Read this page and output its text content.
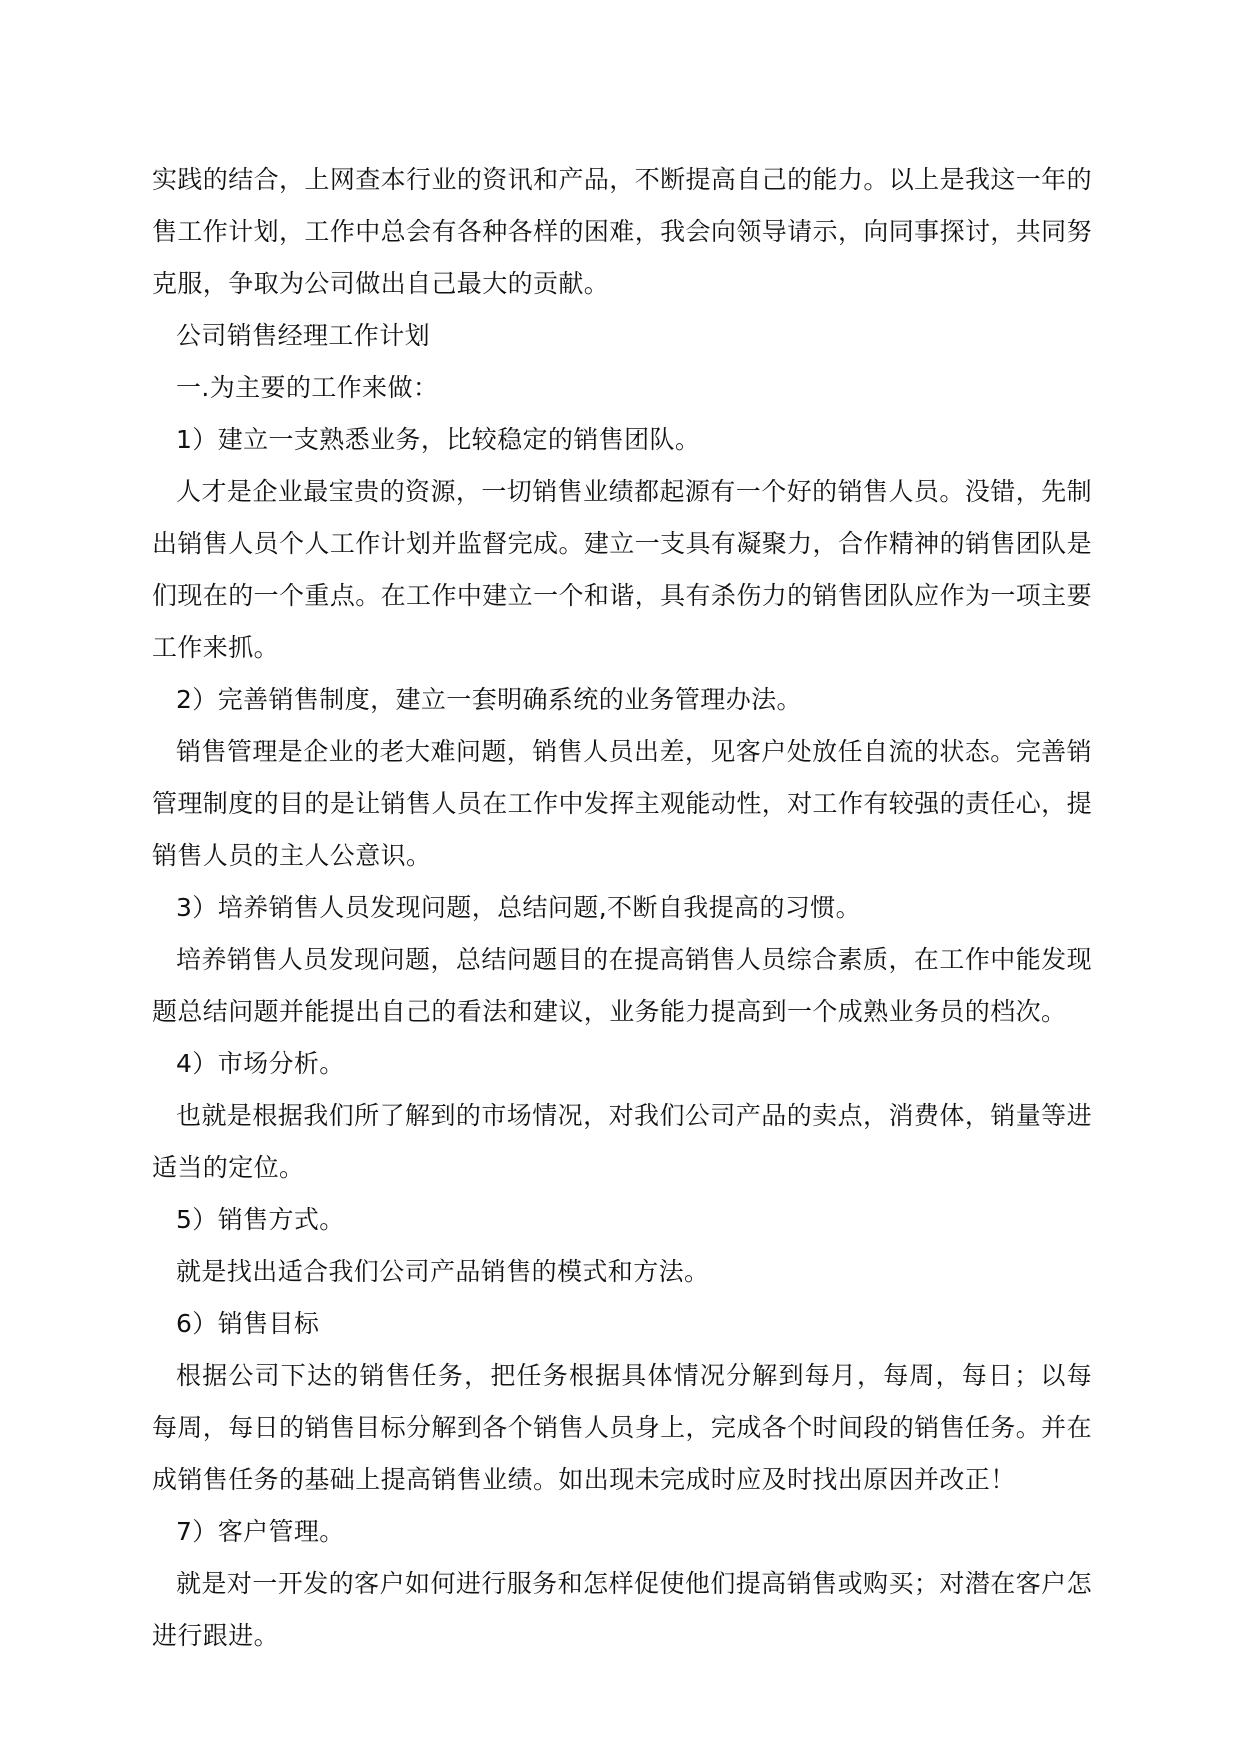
实践的结合，上网查本行业的资讯和产品，不断提高自己的能力。以上是我这一年的
售工作计划，工作中总会有各种各样的困难，我会向领导请示，向同事探讨，共同努
克服，争取为公司做出自己最大的贡献。
公司销售经理工作计划
一.为主要的工作来做：
1）建立一支熟悉业务，比较稳定的销售团队。
人才是企业最宝贵的资源，一切销售业绩都起源有一个好的销售人员。没错，先制
出销售人员个人工作计划并监督完成。建立一支具有凝聚力，合作精神的销售团队是
们现在的一个重点。在工作中建立一个和谐，具有杀伤力的销售团队应作为一项主要
工作来抓。
2）完善销售制度，建立一套明确系统的业务管理办法。
销售管理是企业的老大难问题，销售人员出差，见客户处放任自流的状态。完善销
管理制度的目的是让销售人员在工作中发挥主观能动性，对工作有较强的责任心，提
销售人员的主人公意识。
3）培养销售人员发现问题，总结问题,不断自我提高的习惯。
培养销售人员发现问题，总结问题目的在提高销售人员综合素质，在工作中能发现
题总结问题并能提出自己的看法和建议，业务能力提高到一个成熟业务员的档次。
4）市场分析。
也就是根据我们所了解到的市场情况，对我们公司产品的卖点，消费体，销量等进
适当的定位。
5）销售方式。
就是找出适合我们公司产品销售的模式和方法。
6）销售目标
根据公司下达的销售任务，把任务根据具体情况分解到每月，每周，每日；以每
每周，每日的销售目标分解到各个销售人员身上，完成各个时间段的销售任务。并在
成销售任务的基础上提高销售业绩。如出现未完成时应及时找出原因并改正！
7）客户管理。
就是对一开发的客户如何进行服务和怎样促使他们提高销售或购买；对潜在客户怎
进行跟进。
